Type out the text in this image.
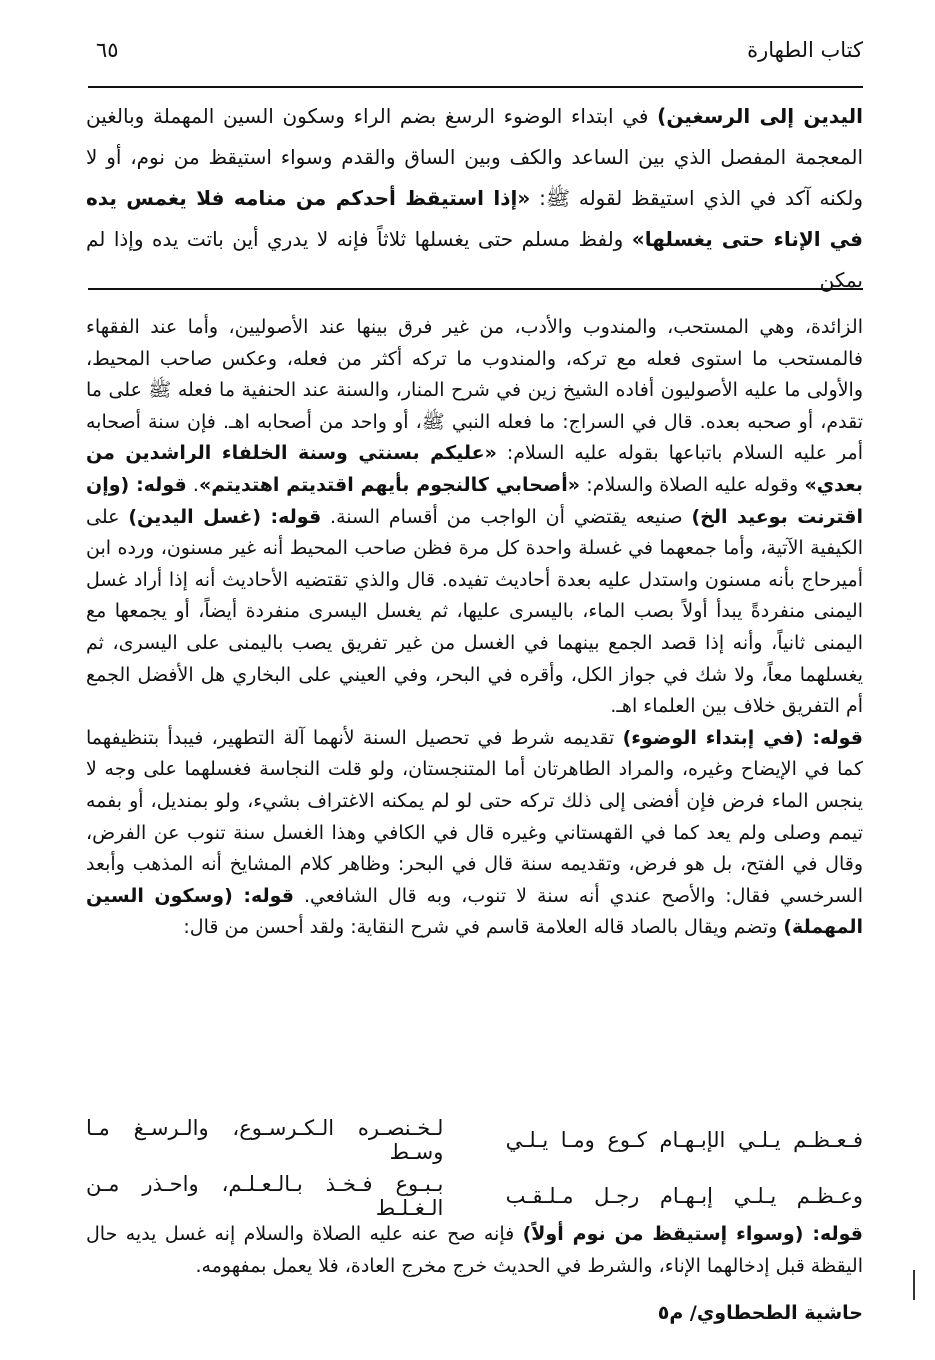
كتاب الطهارة
٦٥

اليدين إلى الرسغين) في ابتداء الوضوء الرسغ بضم الراء وسكون السين المهملة وبالغين المعجمة المفصل الذي بين الساعد والكف وبين الساق والقدم وسواء استيقظ من نوم، أو لا ولكنه آكد في الذي استيقظ لقوله ﷺ: «إذا استيقظ أحدكم من منامه فلا يغمس يده في الإناء حتى يغسلها» ولفظ مسلم حتى يغسلها ثلاثاً فإنه لا يدري أين باتت يده وإذا لم يمكن

الزائدة، وهي المستحب، والمندوب والأدب، من غير فرق بينها عند الأصوليين، وأما عند الفقهاء فالمستحب ما استوى فعله مع تركه، والمندوب ما تركه أكثر من فعله، وعكس صاحب المحيط، والأولى ما عليه الأصوليون أفاده الشيخ زين في شرح المنار، والسنة عند الحنفية ما فعله ﷺ على ما تقدم، أو صحبه بعده. قال في السراج: ما فعله النبي ﷺ، أو واحد من أصحابه اهـ. فإن سنة أصحابه أمر عليه السلام باتباعها بقوله عليه السلام: «عليكم بسنتي وسنة الخلفاء الراشدين من بعدي» وقوله عليه الصلاة والسلام: «أصحابي كالنجوم بأيهم اقتديتم اهتديتم». قوله: (وإن اقترنت بوعيد الخ) صنيعه يقتضي أن الواجب من أقسام السنة. قوله: (غسل اليدين) على الكيفية الآتية، وأما جمعهما في غسلة واحدة كل مرة فظن صاحب المحيط أنه غير مسنون، ورده ابن أميرحاج بأنه مسنون واستدل عليه بعدة أحاديث تفيده. قال والذي تقتضيه الأحاديث أنه إذا أراد غسل اليمنى منفردةً يبدأ أولاً بصب الماء، باليسرى عليها، ثم يغسل اليسرى منفردة أيضاً، أو يجمعها مع اليمنى ثانياً، وأنه إذا قصد الجمع بينهما في الغسل من غير تفريق يصب باليمنى على اليسرى، ثم يغسلهما معاً، ولا شك في جواز الكل، وأقره في البحر، وفي العيني على البخاري هل الأفضل الجمع أم التفريق خلاف بين العلماء اهـ.

قوله: (في إبتداء الوضوء) تقديمه شرط في تحصيل السنة لأنهما آلة التطهير، فيبدأ بتنظيفهما كما في الإيضاح وغيره، والمراد الطاهرتان أما المتنجستان، ولو قلت النجاسة فغسلهما على وجه لا ينجس الماء فرض فإن أفضى إلى ذلك تركه حتى لو لم يمكنه الاغتراف بشيء، ولو بمنديل، أو بفمه تيمم وصلى ولم يعد كما في القهستاني وغيره قال في الكافي وهذا الغسل سنة تنوب عن الفرض، وقال في الفتح، بل هو فرض، وتقديمه سنة قال في البحر: وظاهر كلام المشايخ أنه المذهب وأبعد السرخسي فقال: والأصح عندي أنه سنة لا تنوب، وبه قال الشافعي. قوله: (وسكون السين المهملة) وتضم ويقال بالصاد قاله العلامة قاسم في شرح النقاية: ولقد أحسن من قال:

فـعـظـم يـلـي الإبـهـام كـوع ومـا يـلـي
لـخـنصـره الـكـرسـوع، والـرسـغ مـا وسـط
وعـظـم يـلـي إبـهـام رجـل مـلـقـب
بـبـوع فـخـذ بـالـعـلـم، واحـذر مـن الـغـلـط

قوله: (وسواء إستيقظ من نوم أولاً) فإنه صح عنه عليه الصلاة والسلام إنه غسل يديه حال اليقظة قبل إدخالهما الإناء، والشرط في الحديث خرج مخرج العادة، فلا يعمل بمفهومه.

حاشية الطحطاوي/ م٥
